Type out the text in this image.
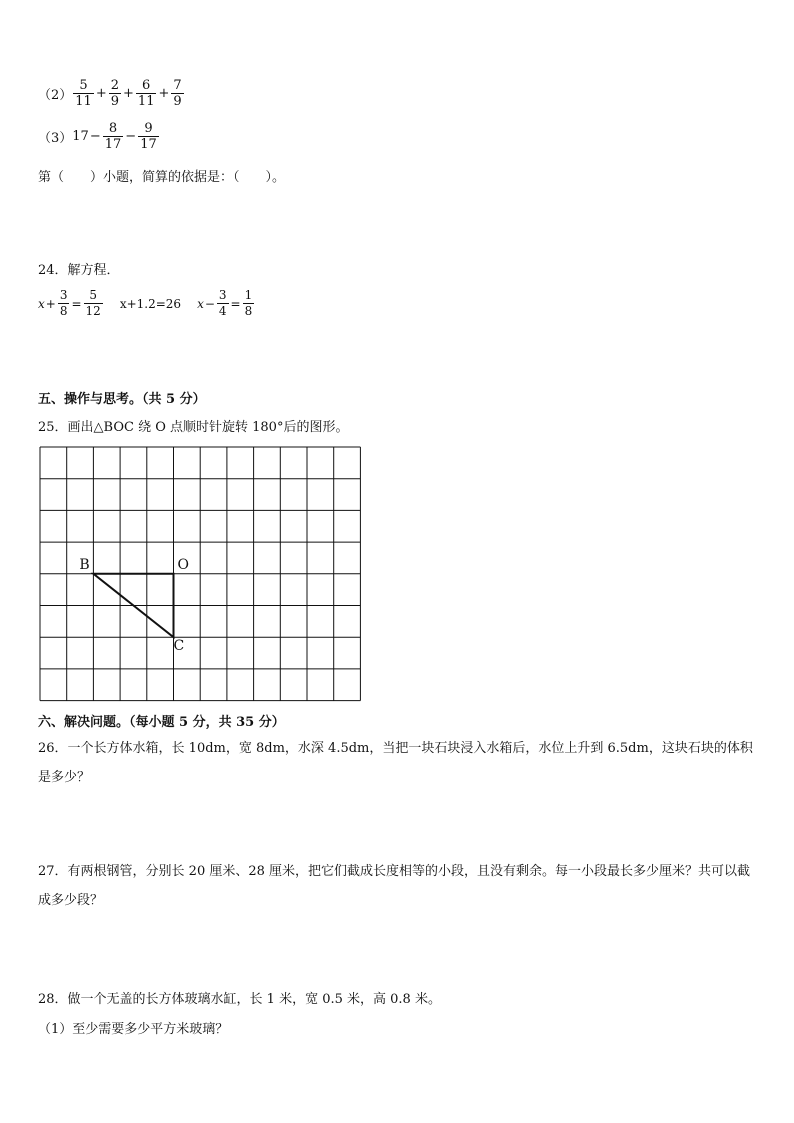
$(2) \frac{5}{11} + \frac{2}{9} + \frac{6}{11} + \frac{7}{9}$
（3） $17 - \frac{8}{17} - \frac{9}{17}$
第（　　）小题，简算的依据是：（　　）。
24．解方程．
$x + \frac{3}{8} = \frac{5}{12} x+1.2=26$ $x - \frac{3}{4} = \frac{1}{8}$
五、操作与思考。（共 5 分）
25．画出△BOC 绕 O 点顺时针旋转 180°后的图形。
B	O
C
六、解决问题。（每小题 5 分，共 35 分）
26．一个长方体水箱，长 10dm，宽 8dm，水深 4.5dm，当把一块石块浸入水箱后，水位上升到 6.5dm，这块石块的体积是多少？
27．有两根钢管，分别长 20 厘米、28 厘米，把它们截成长度相等的小段，且没有剩余。每一小段最长多少厘米？共可以截成多少段？
28．做一个无盖的长方体玻璃水缸，长 1 米，宽 0.5 米，高 0.8 米。
（1）至少需要多少平方米玻璃？
